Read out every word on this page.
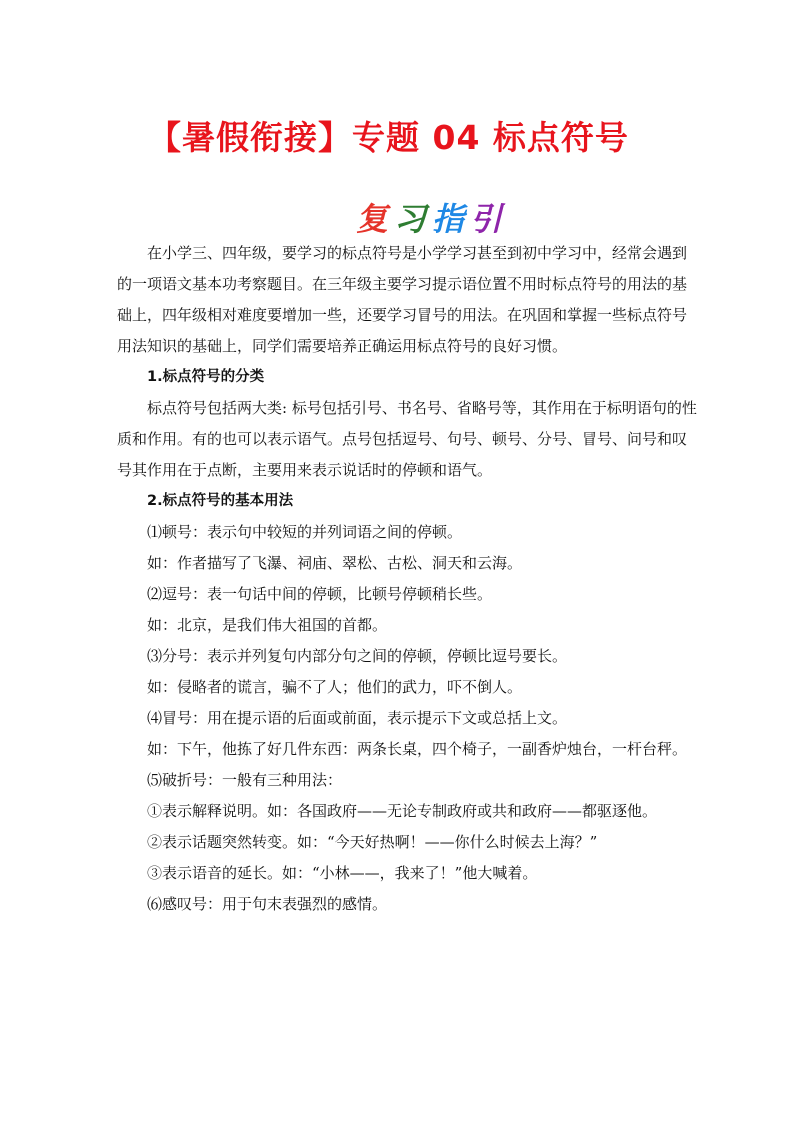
【暑假衔接】专题 04 标点符号
复 习 指 引

在小学三、四年级，要学习的标点符号是小学学习甚至到初中学习中，经常会遇到的一项语文基本功考察题目。在三年级主要学习提示语位置不用时标点符号的用法的基础上，四年级相对难度要增加一些，还要学习冒号的用法。在巩固和掌握一些标点符号用法知识的基础上，同学们需要培养正确运用标点符号的良好习惯。

1.标点符号的分类

标点符号包括两大类: 标号包括引号、书名号、省略号等，其作用在于标明语句的性质和作用。有的也可以表示语气。点号包括逗号、句号、顿号、分号、冒号、问号和叹号其作用在于点断，主要用来表示说话时的停顿和语气。

2.标点符号的基本用法

⑴顿号：表示句中较短的并列词语之间的停顿。

如：作者描写了飞瀑、祠庙、翠松、古松、洞天和云海。

⑵逗号：表一句话中间的停顿，比顿号停顿稍长些。

如：北京，是我们伟大祖国的首都。

⑶分号：表示并列复句内部分句之间的停顿，停顿比逗号要长。

如：侵略者的谎言，骗不了人；他们的武力，吓不倒人。

⑷冒号：用在提示语的后面或前面，表示提示下文或总括上文。

如：下午，他拣了好几件东西：两条长桌，四个椅子，一副香炉烛台，一杆台秤。

⑸破折号：一般有三种用法：

①表示解释说明。如：各国政府——无论专制政府或共和政府——都驱逐他。

②表示话题突然转变。如：“今天好热啊！——你什么时候去上海？”

③表示语音的延长。如：“小林——，我来了！”他大喊着。

⑹感叹号：用于句末表强烈的感情。
